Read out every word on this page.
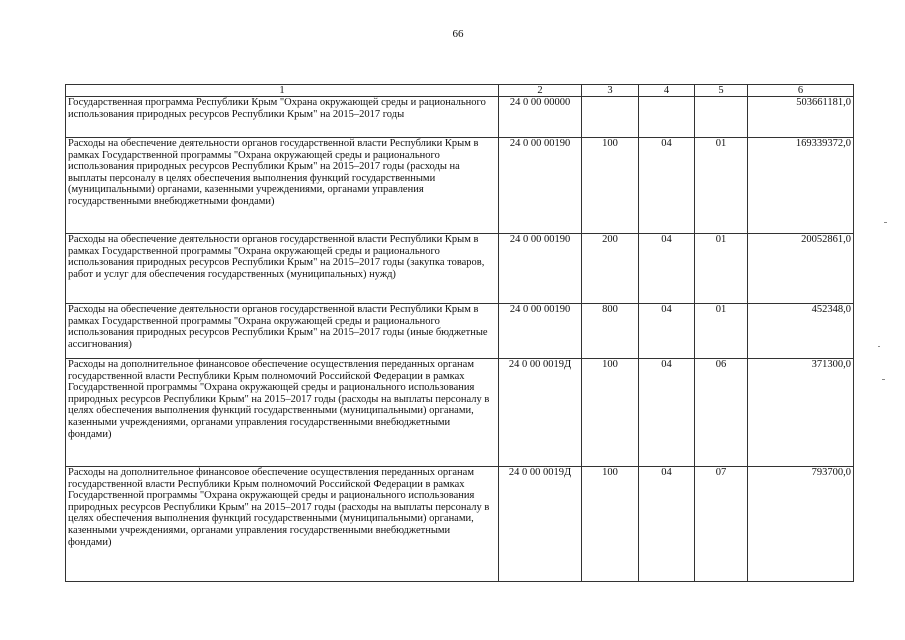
66
1	2	3	4	5	6
Государственная программа Республики Крым "Охрана окружающей среды и рационального использования природных ресурсов Республики Крым" на 2015–2017 годы	24 0 00 00000				503661181,0
Расходы на обеспечение деятельности органов государственной власти Республики Крым в рамках Государственной программы "Охрана окружающей среды и рационального использования природных ресурсов Республики Крым" на 2015–2017 годы (расходы на выплаты персоналу в целях обеспечения выполнения функций государственными (муниципальными) органами, казенными учреждениями, органами управления государственными внебюджетными фондами)	24 0 00 00190	100	04	01	169339372,0
Расходы на обеспечение деятельности органов государственной власти Республики Крым в рамках Государственной программы "Охрана окружающей среды и рационального использования природных ресурсов Республики Крым" на 2015–2017 годы (закупка товаров, работ и услуг для обеспечения государственных (муниципальных) нужд)	24 0 00 00190	200	04	01	20052861,0
Расходы на обеспечение деятельности органов государственной власти Республики Крым в рамках Государственной программы "Охрана окружающей среды и рационального использования природных ресурсов Республики Крым" на 2015–2017 годы (иные бюджетные ассигнования)	24 0 00 00190	800	04	01	452348,0
Расходы на дополнительное финансовое обеспечение осуществления переданных органам государственной власти Республики Крым полномочий Российской Федерации в рамках Государственной программы "Охрана окружающей среды и рационального использования природных ресурсов Республики Крым" на 2015–2017 годы (расходы на выплаты персоналу в целях обеспечения выполнения функций государственными (муниципальными) органами, казенными учреждениями, органами управления государственными внебюджетными фондами)	24 0 00 0019Д	100	04	06	371300,0
Расходы на дополнительное финансовое обеспечение осуществления переданных органам государственной власти Республики Крым полномочий Российской Федерации в рамках Государственной программы "Охрана окружающей среды и рационального использования природных ресурсов Республики Крым" на 2015–2017 годы (расходы на выплаты персоналу в целях обеспечения выполнения функций государственными (муниципальными) органами, казенными учреждениями, органами управления государственными внебюджетными фондами)	24 0 00 0019Д	100	04	07	793700,0
